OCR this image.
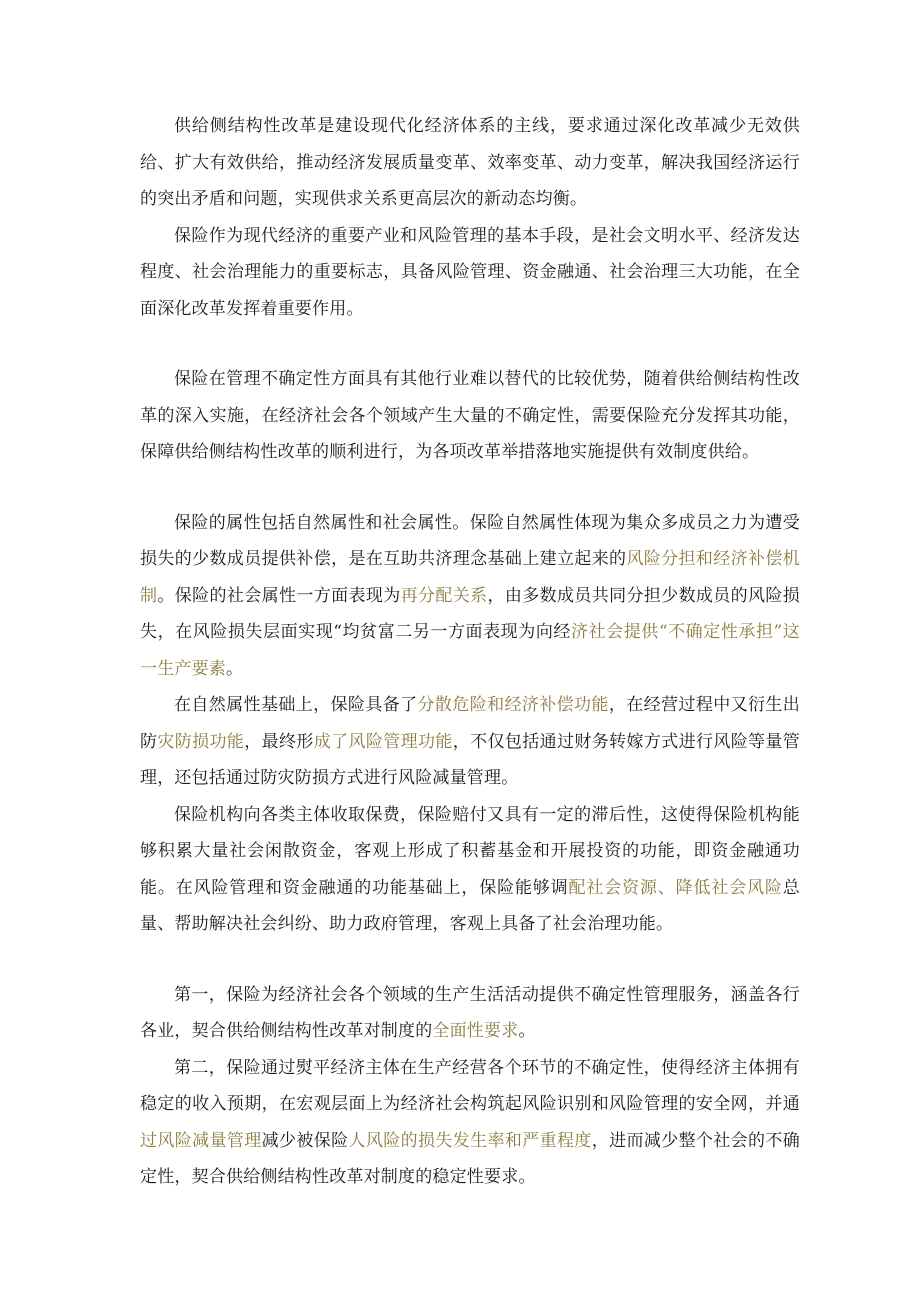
供给侧结构性改革是建设现代化经济体系的主线，要求通过深化改革减少无效供给、扩大有效供给，推动经济发展质量变革、效率变革、动力变革，解决我国经济运行的突出矛盾和问题，实现供求关系更高层次的新动态均衡。

保险作为现代经济的重要产业和风险管理的基本手段，是社会文明水平、经济发达程度、社会治理能力的重要标志，具备风险管理、资金融通、社会治理三大功能，在全面深化改革发挥着重要作用。

保险在管理不确定性方面具有其他行业难以替代的比较优势，随着供给侧结构性改革的深入实施，在经济社会各个领域产生大量的不确定性，需要保险充分发挥其功能，保障供给侧结构性改革的顺利进行，为各项改革举措落地实施提供有效制度供给。

保险的属性包括自然属性和社会属性。保险自然属性体现为集众多成员之力为遭受损失的少数成员提供补偿，是在互助共济理念基础上建立起来的风险分担和经济补偿机制。保险的社会属性一方面表现为再分配关系，由多数成员共同分担少数成员的风险损失，在风险损失层面实现“均贫富二另一方面表现为向经济社会提供“不确定性承担”这一生产要素。

在自然属性基础上，保险具备了分散危险和经济补偿功能，在经营过程中又衍生出防灾防损功能，最终形成了风险管理功能，不仅包括通过财务转嫁方式进行风险等量管理，还包括通过防灾防损方式进行风险减量管理。

保险机构向各类主体收取保费，保险赔付又具有一定的滞后性，这使得保险机构能够积累大量社会闲散资金，客观上形成了积蓄基金和开展投资的功能，即资金融通功能。在风险管理和资金融通的功能基础上，保险能够调配社会资源、降低社会风险总量、帮助解决社会纠纷、助力政府管理，客观上具备了社会治理功能。

第一，保险为经济社会各个领域的生产生活活动提供不确定性管理服务，涵盖各行各业，契合供给侧结构性改革对制度的全面性要求。

第二，保险通过熨平经济主体在生产经营各个环节的不确定性，使得经济主体拥有稳定的收入预期，在宏观层面上为经济社会构筑起风险识别和风险管理的安全网，并通过风险减量管理减少被保险人风险的损失发生率和严重程度，进而减少整个社会的不确定性，契合供给侧结构性改革对制度的稳定性要求。
